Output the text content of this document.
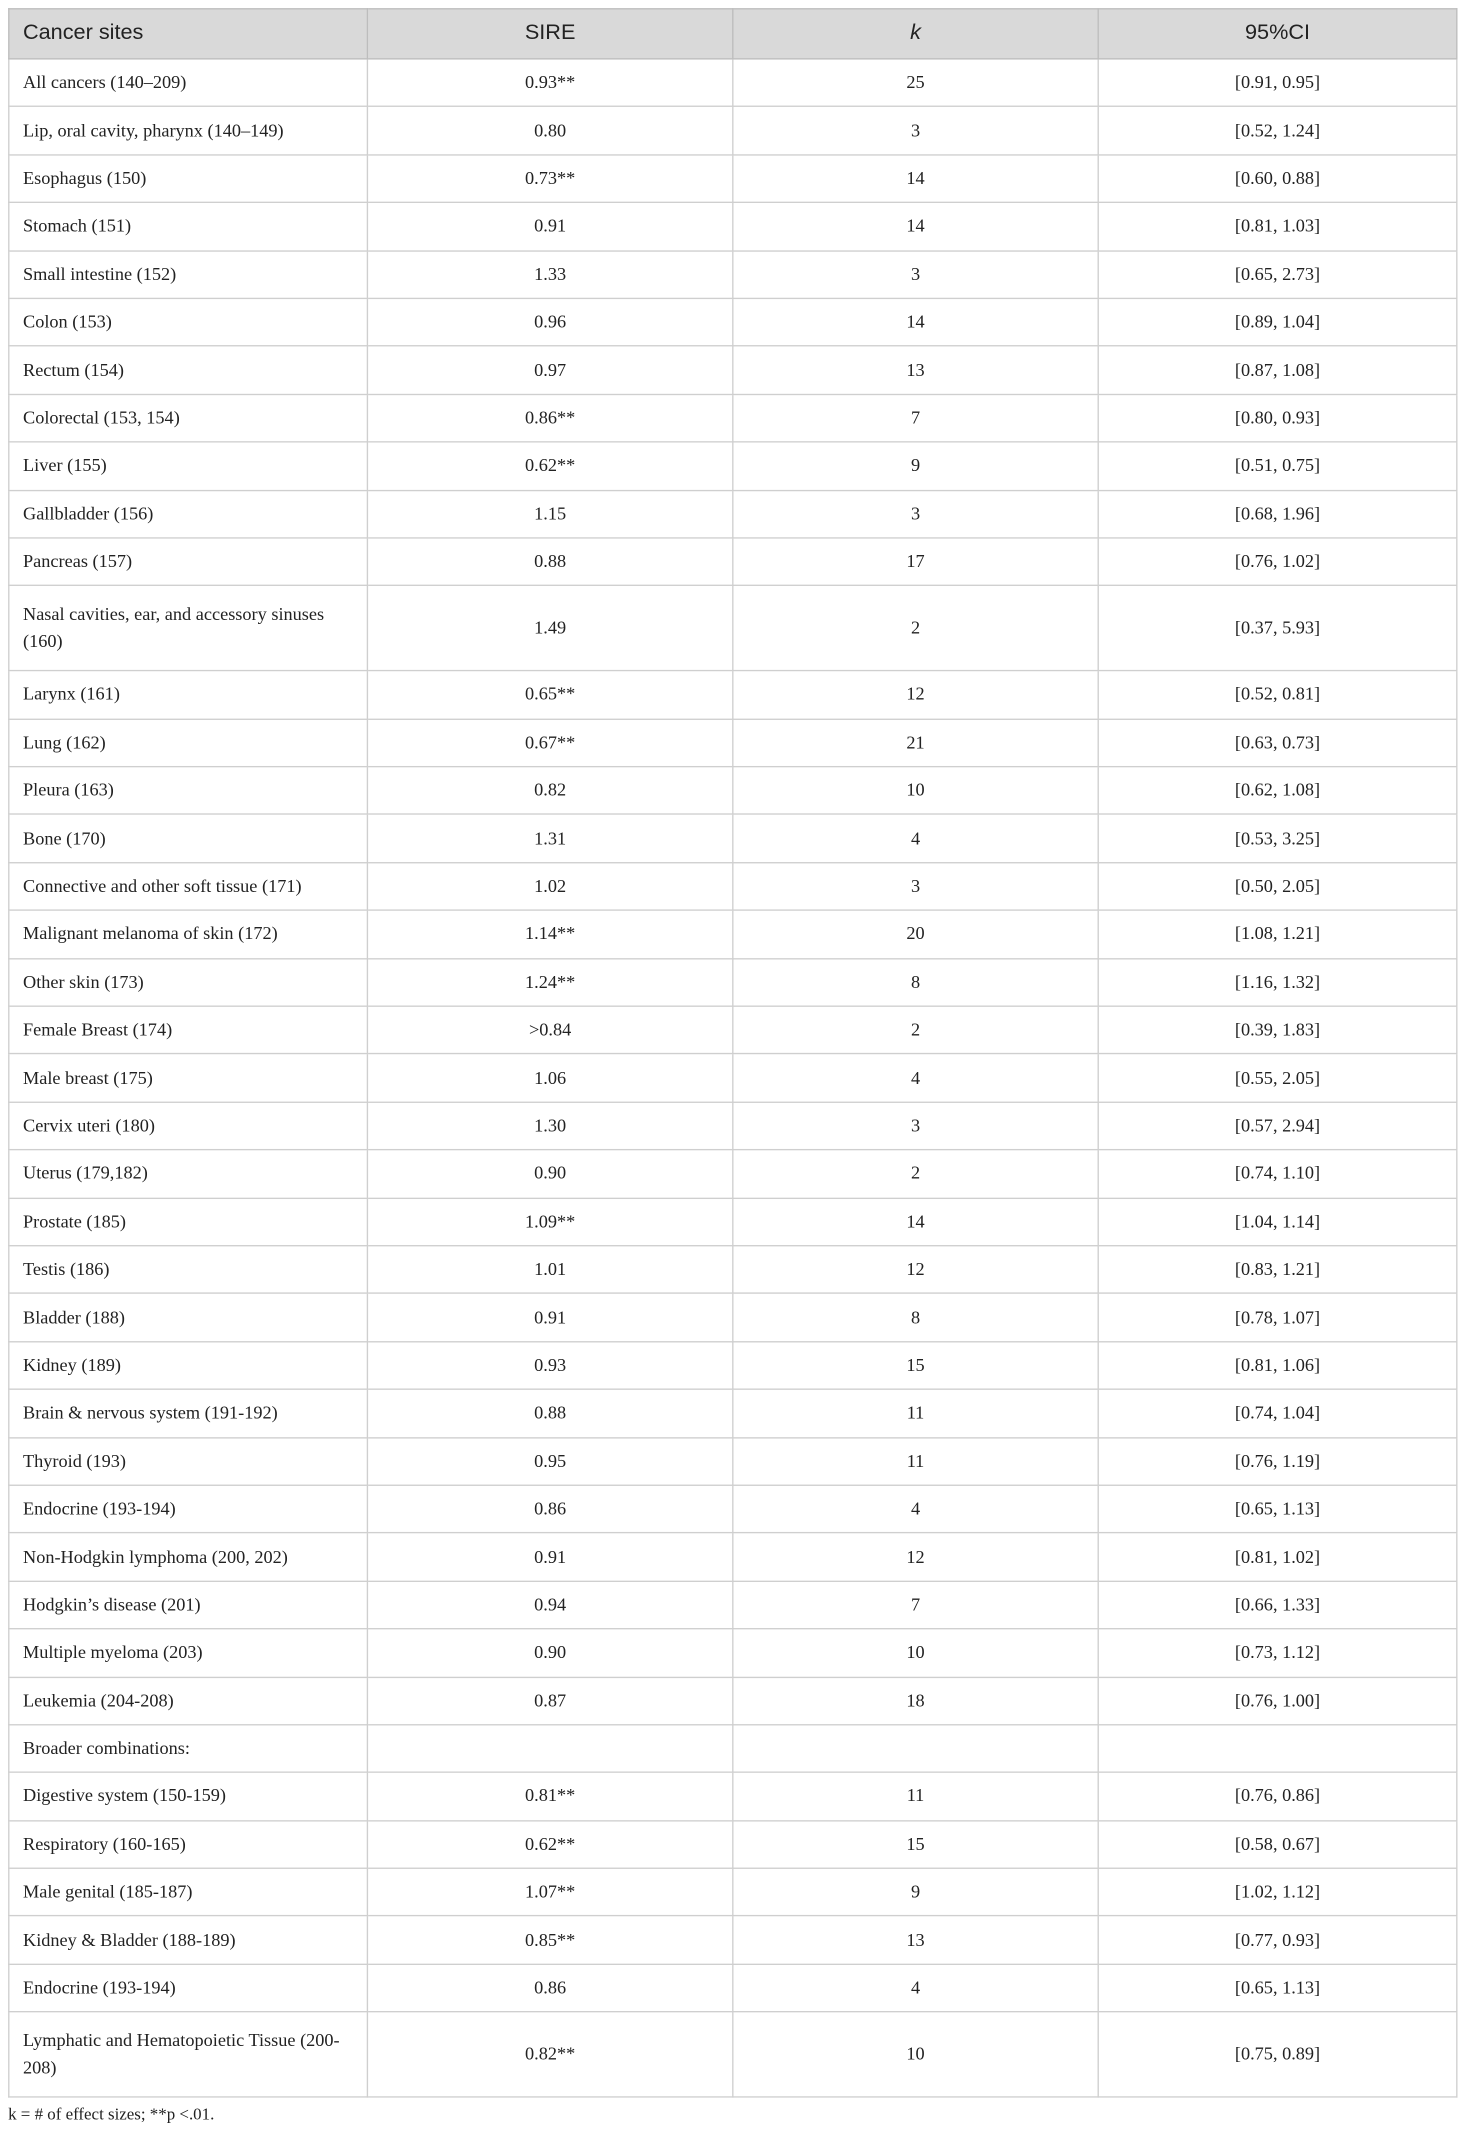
Cancer sites	SIRE	k	95%CI
All cancers (140–209)	0.93**	25	[0.91, 0.95]
Lip, oral cavity, pharynx (140–149)	0.80	3	[0.52, 1.24]
Esophagus (150)	0.73**	14	[0.60, 0.88]
Stomach (151)	0.91	14	[0.81, 1.03]
Small intestine (152)	1.33	3	[0.65, 2.73]
Colon (153)	0.96	14	[0.89, 1.04]
Rectum (154)	0.97	13	[0.87, 1.08]
Colorectal (153, 154)	0.86**	7	[0.80, 0.93]
Liver (155)	0.62**	9	[0.51, 0.75]
Gallbladder (156)	1.15	3	[0.68, 1.96]
Pancreas (157)	0.88	17	[0.76, 1.02]
Nasal cavities, ear, and accessory sinuses (160)	1.49	2	[0.37, 5.93]
Larynx (161)	0.65**	12	[0.52, 0.81]
Lung (162)	0.67**	21	[0.63, 0.73]
Pleura (163)	0.82	10	[0.62, 1.08]
Bone (170)	1.31	4	[0.53, 3.25]
Connective and other soft tissue (171)	1.02	3	[0.50, 2.05]
Malignant melanoma of skin (172)	1.14**	20	[1.08, 1.21]
Other skin (173)	1.24**	8	[1.16, 1.32]
Female Breast (174)	>0.84	2	[0.39, 1.83]
Male breast (175)	1.06	4	[0.55, 2.05]
Cervix uteri (180)	1.30	3	[0.57, 2.94]
Uterus (179,182)	0.90	2	[0.74, 1.10]
Prostate (185)	1.09**	14	[1.04, 1.14]
Testis (186)	1.01	12	[0.83, 1.21]
Bladder (188)	0.91	8	[0.78, 1.07]
Kidney (189)	0.93	15	[0.81, 1.06]
Brain & nervous system (191-192)	0.88	11	[0.74, 1.04]
Thyroid (193)	0.95	11	[0.76, 1.19]
Endocrine (193-194)	0.86	4	[0.65, 1.13]
Non-Hodgkin lymphoma (200, 202)	0.91	12	[0.81, 1.02]
Hodgkin’s disease (201)	0.94	7	[0.66, 1.33]
Multiple myeloma (203)	0.90	10	[0.73, 1.12]
Leukemia (204-208)	0.87	18	[0.76, 1.00]
Broader combinations:			
Digestive system (150-159)	0.81**	11	[0.76, 0.86]
Respiratory (160-165)	0.62**	15	[0.58, 0.67]
Male genital (185-187)	1.07**	9	[1.02, 1.12]
Kidney & Bladder (188-189)	0.85**	13	[0.77, 0.93]
Endocrine (193-194)	0.86	4	[0.65, 1.13]
Lymphatic and Hematopoietic Tissue (200-208)	0.82**	10	[0.75, 0.89]
k = # of effect sizes; **p <.01.
